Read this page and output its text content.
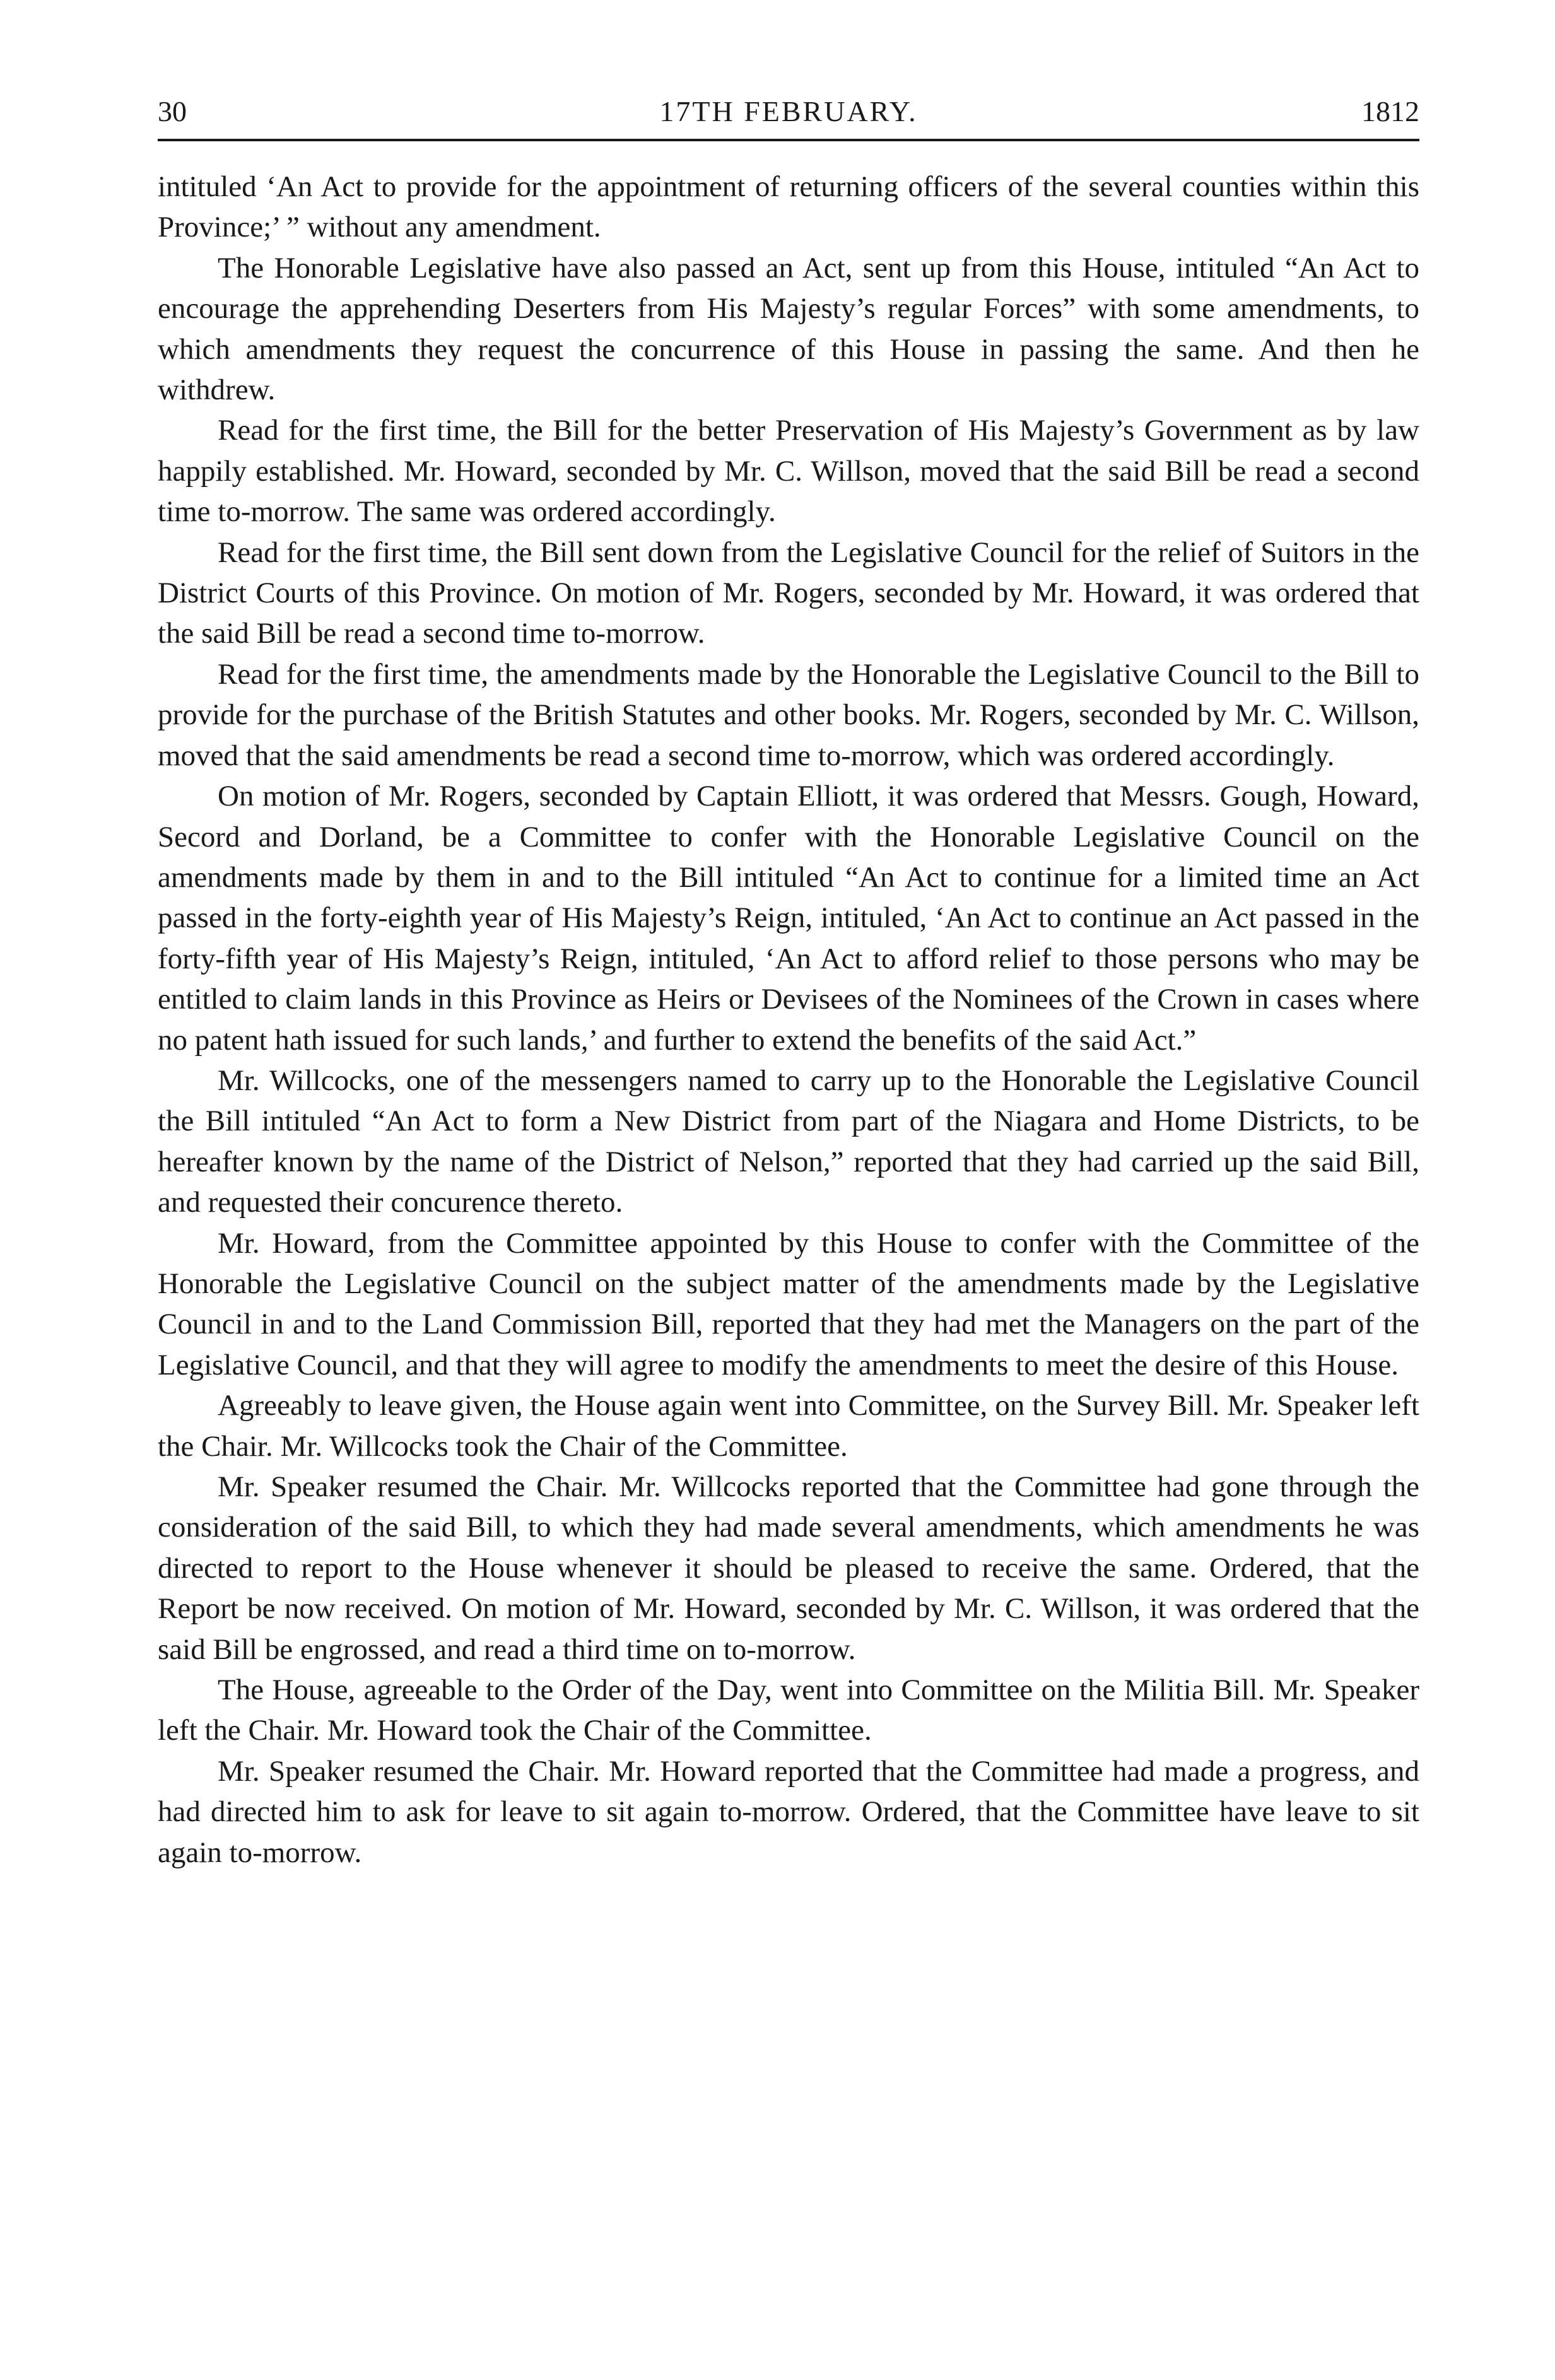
30	17TH FEBRUARY.	1812

intituled ‘An Act to provide for the appointment of returning officers of the several counties within this Province;’ ” without any amendment.

The Honorable Legislative have also passed an Act, sent up from this House, intituled “An Act to encourage the apprehending Deserters from His Majesty’s regular Forces” with some amendments, to which amendments they request the concurrence of this House in passing the same. And then he withdrew.

Read for the first time, the Bill for the better Preservation of His Majesty’s Government as by law happily established. Mr. Howard, seconded by Mr. C. Willson, moved that the said Bill be read a second time to-morrow. The same was ordered accordingly.

Read for the first time, the Bill sent down from the Legislative Council for the relief of Suitors in the District Courts of this Province. On motion of Mr. Rogers, seconded by Mr. Howard, it was ordered that the said Bill be read a second time to-morrow.

Read for the first time, the amendments made by the Honorable the Legislative Council to the Bill to provide for the purchase of the British Statutes and other books. Mr. Rogers, seconded by Mr. C. Willson, moved that the said amendments be read a second time to-morrow, which was ordered accordingly.

On motion of Mr. Rogers, seconded by Captain Elliott, it was ordered that Messrs. Gough, Howard, Secord and Dorland, be a Committee to confer with the Honorable Legislative Council on the amendments made by them in and to the Bill intituled “An Act to continue for a limited time an Act passed in the forty-eighth year of His Majesty’s Reign, intituled, ‘An Act to continue an Act passed in the forty-fifth year of His Majesty’s Reign, intituled, ‘An Act to afford relief to those persons who may be entitled to claim lands in this Province as Heirs or Devisees of the Nominees of the Crown in cases where no patent hath issued for such lands,’ and further to extend the benefits of the said Act.”

Mr. Willcocks, one of the messengers named to carry up to the Honorable the Legislative Council the Bill intituled “An Act to form a New District from part of the Niagara and Home Districts, to be hereafter known by the name of the District of Nelson,” reported that they had carried up the said Bill, and requested their concurence thereto.

Mr. Howard, from the Committee appointed by this House to confer with the Committee of the Honorable the Legislative Council on the subject matter of the amendments made by the Legislative Council in and to the Land Commission Bill, reported that they had met the Managers on the part of the Legislative Council, and that they will agree to modify the amendments to meet the desire of this House.

Agreeably to leave given, the House again went into Committee, on the Survey Bill. Mr. Speaker left the Chair. Mr. Willcocks took the Chair of the Committee.

Mr. Speaker resumed the Chair. Mr. Willcocks reported that the Committee had gone through the consideration of the said Bill, to which they had made several amendments, which amendments he was directed to report to the House whenever it should be pleased to receive the same. Ordered, that the Report be now received. On motion of Mr. Howard, seconded by Mr. C. Willson, it was ordered that the said Bill be engrossed, and read a third time on to-morrow.

The House, agreeable to the Order of the Day, went into Committee on the Militia Bill. Mr. Speaker left the Chair. Mr. Howard took the Chair of the Committee.

Mr. Speaker resumed the Chair. Mr. Howard reported that the Committee had made a progress, and had directed him to ask for leave to sit again to-morrow. Ordered, that the Committee have leave to sit again to-morrow.
